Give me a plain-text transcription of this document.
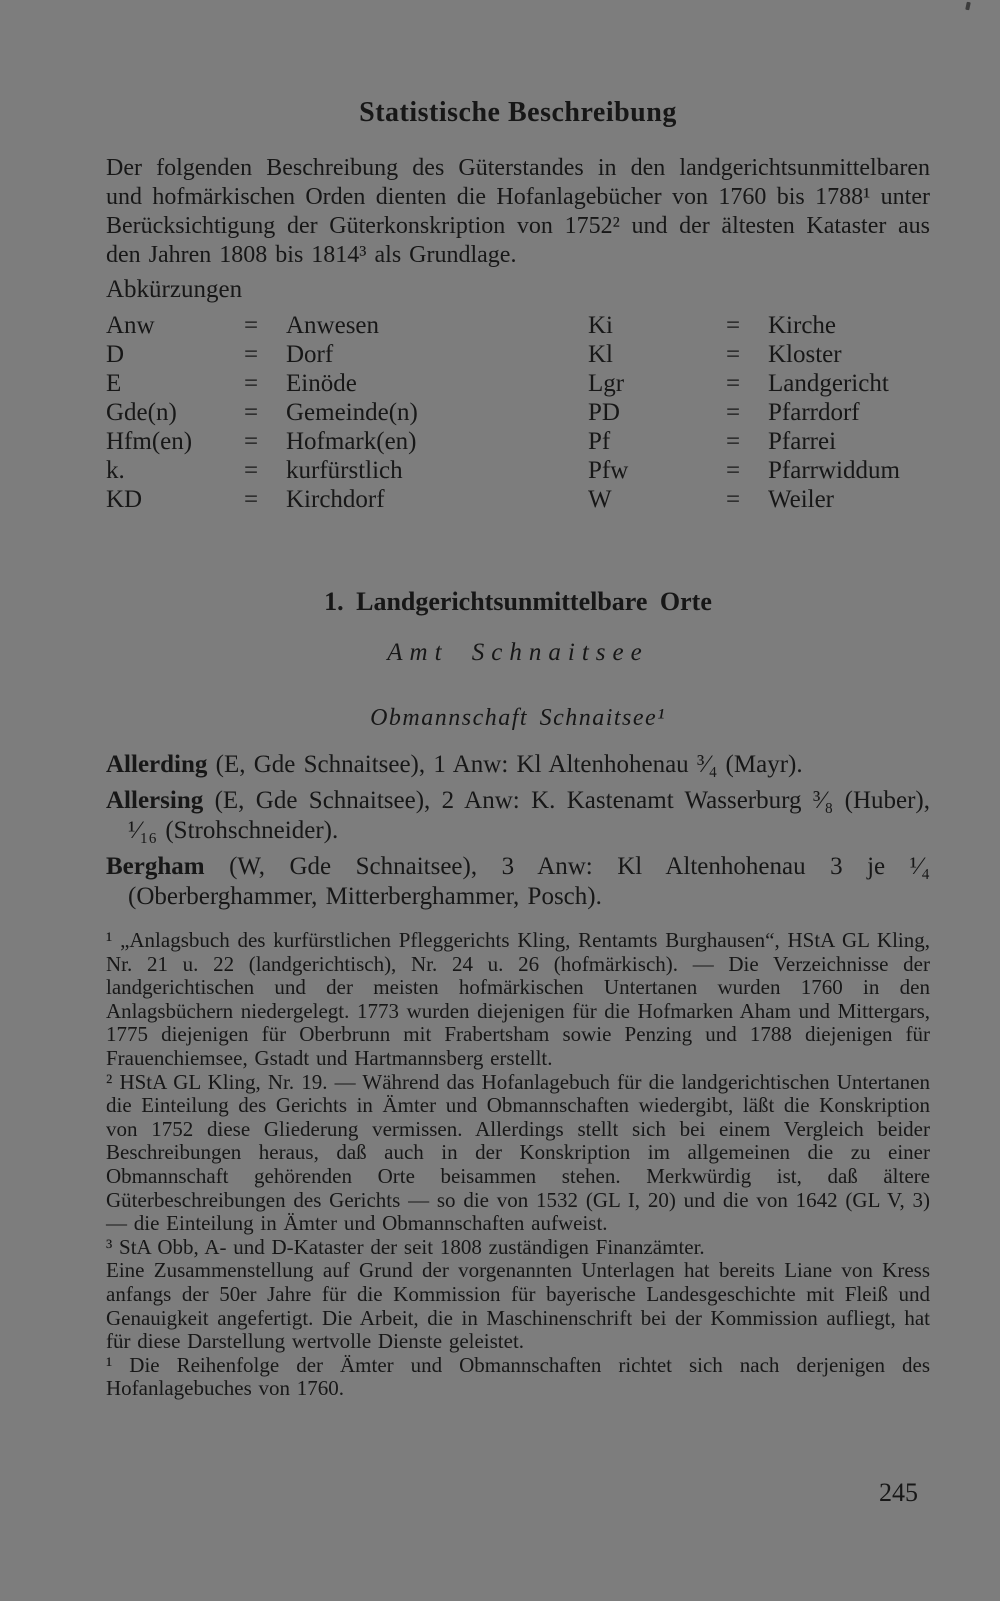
Statistische Beschreibung

Der folgenden Beschreibung des Güterstandes in den landgerichtsunmittelbaren und hofmärkischen Orden dienten die Hofanlagebücher von 1760 bis 1788¹ unter Berücksichtigung der Güterkonskription von 1752² und der ältesten Kataster aus den Jahren 1808 bis 1814³ als Grundlage.

Abkürzungen
Anw	=	Anwesen
D	=	Dorf
E	=	Einöde
Gde(n)	=	Gemeinde(n)
Hfm(en)	=	Hofmark(en)
k.	=	kurfürstlich
KD	=	Kirchdorf
Ki	=	Kirche
Kl	=	Kloster
Lgr	=	Landgericht
PD	=	Pfarrdorf
Pf	=	Pfarrei
Pfw	=	Pfarrwiddum
W	=	Weiler
1. Landgerichtsunmittelbare Orte
Amt Schnaitsee
Obmannschaft Schnaitsee¹

Allerding (E, Gde Schnaitsee), 1 Anw: Kl Altenhohenau ³⁄₄ (Mayr).

Allersing (E, Gde Schnaitsee), 2 Anw: K. Kastenamt Wasserburg ³⁄₈ (Huber), ¹⁄₁₆ (Strohschneider).

Bergham (W, Gde Schnaitsee), 3 Anw: Kl Altenhohenau 3 je ¹⁄₄ (Oberberghammer, Mitterberghammer, Posch).

¹ „Anlagsbuch des kurfürstlichen Pfleggerichts Kling, Rentamts Burghausen“, HStA GL Kling, Nr. 21 u. 22 (landgerichtisch), Nr. 24 u. 26 (hofmärkisch). — Die Verzeichnisse der landgerichtischen und der meisten hofmärkischen Untertanen wurden 1760 in den Anlagsbüchern niedergelegt. 1773 wurden diejenigen für die Hofmarken Aham und Mittergars, 1775 diejenigen für Oberbrunn mit Frabertsham sowie Penzing und 1788 diejenigen für Frauenchiemsee, Gstadt und Hartmannsberg erstellt.

² HStA GL Kling, Nr. 19. — Während das Hofanlagebuch für die landgerichtischen Untertanen die Einteilung des Gerichts in Ämter und Obmannschaften wiedergibt, läßt die Konskription von 1752 diese Gliederung vermissen. Allerdings stellt sich bei einem Vergleich beider Beschreibungen heraus, daß auch in der Konskription im allgemeinen die zu einer Obmannschaft gehörenden Orte beisammen stehen. Merkwürdig ist, daß ältere Güterbeschreibungen des Gerichts — so die von 1532 (GL I, 20) und die von 1642 (GL V, 3) — die Einteilung in Ämter und Obmannschaften aufweist.

³ StA Obb, A- und D-Kataster der seit 1808 zuständigen Finanzämter.

Eine Zusammenstellung auf Grund der vorgenannten Unterlagen hat bereits Liane von Kress anfangs der 50er Jahre für die Kommission für bayerische Landesgeschichte mit Fleiß und Genauigkeit angefertigt. Die Arbeit, die in Maschinenschrift bei der Kommission aufliegt, hat für diese Darstellung wertvolle Dienste geleistet.

¹ Die Reihenfolge der Ämter und Obmannschaften richtet sich nach derjenigen des Hofanlagebuches von 1760.

245
